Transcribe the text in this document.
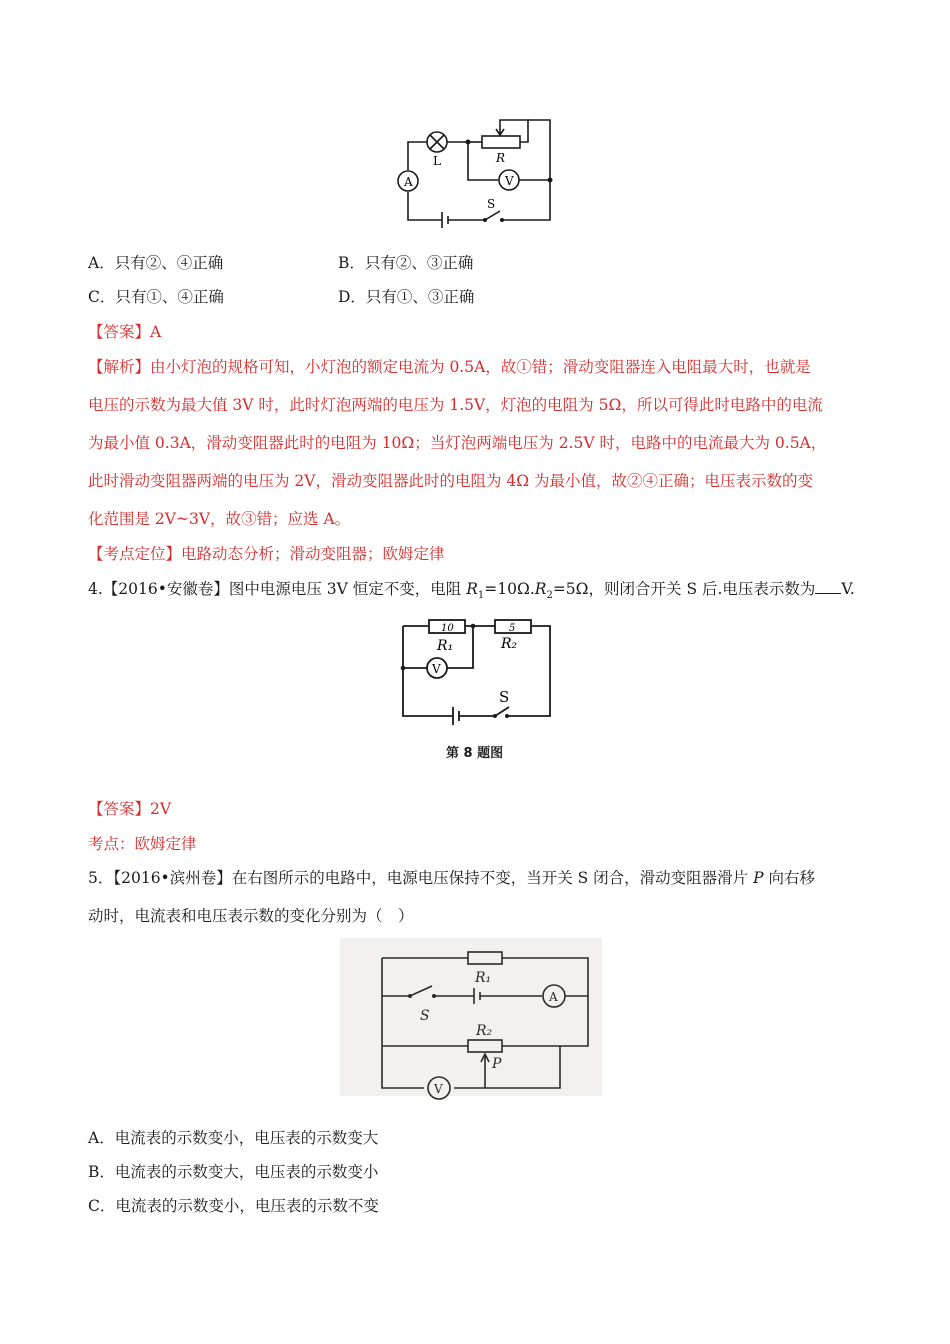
A	V
L	R
S
A．只有②、④正确	B．只有②、③正确
C．只有①、④正确	D．只有①、③正确
【答案】A
【解析】由小灯泡的规格可知，小灯泡的额定电流为 0.5A，故①错；滑动变阻器连入电阻最大时，也就是
电压的示数为最大值 3V 时，此时灯泡两端的电压为 1.5V，灯泡的电阻为 5Ω，所以可得此时电路中的电流
为最小值 0.3A，滑动变阻器此时的电阻为 10Ω；当灯泡两端电压为 2.5V 时，电路中的电流最大为 0.5A，
此时滑动变阻器两端的电压为 2V，滑动变阻器此时的电阻为 4Ω 为最小值，故②④正确；电压表示数的变
化范围是 2V~3V，故③错；应选 A。
【考点定位】电路动态分析；滑动变阻器；欧姆定律
4.【2016•安徽卷】图中电源电压 3V 恒定不变，电阻 $R_1=10\Omega.R_2=5\Omega$，则闭合开关 S 后.电压表示数为 V.
10	5
R₁	R₂
V
S
第 8 题图
【答案】2V
考点：欧姆定律
5．【2016•滨州卷】在右图所示的电路中，电源电压保持不变，当开关 S 闭合，滑动变阻器滑片 P 向右移
动时，电流表和电压表示数的变化分别为（　）
R₁
S
A
R₂
P
V
A．电流表的示数变小，电压表的示数变大
B．电流表的示数变大，电压表的示数变小
C．电流表的示数变小，电压表的示数不变
